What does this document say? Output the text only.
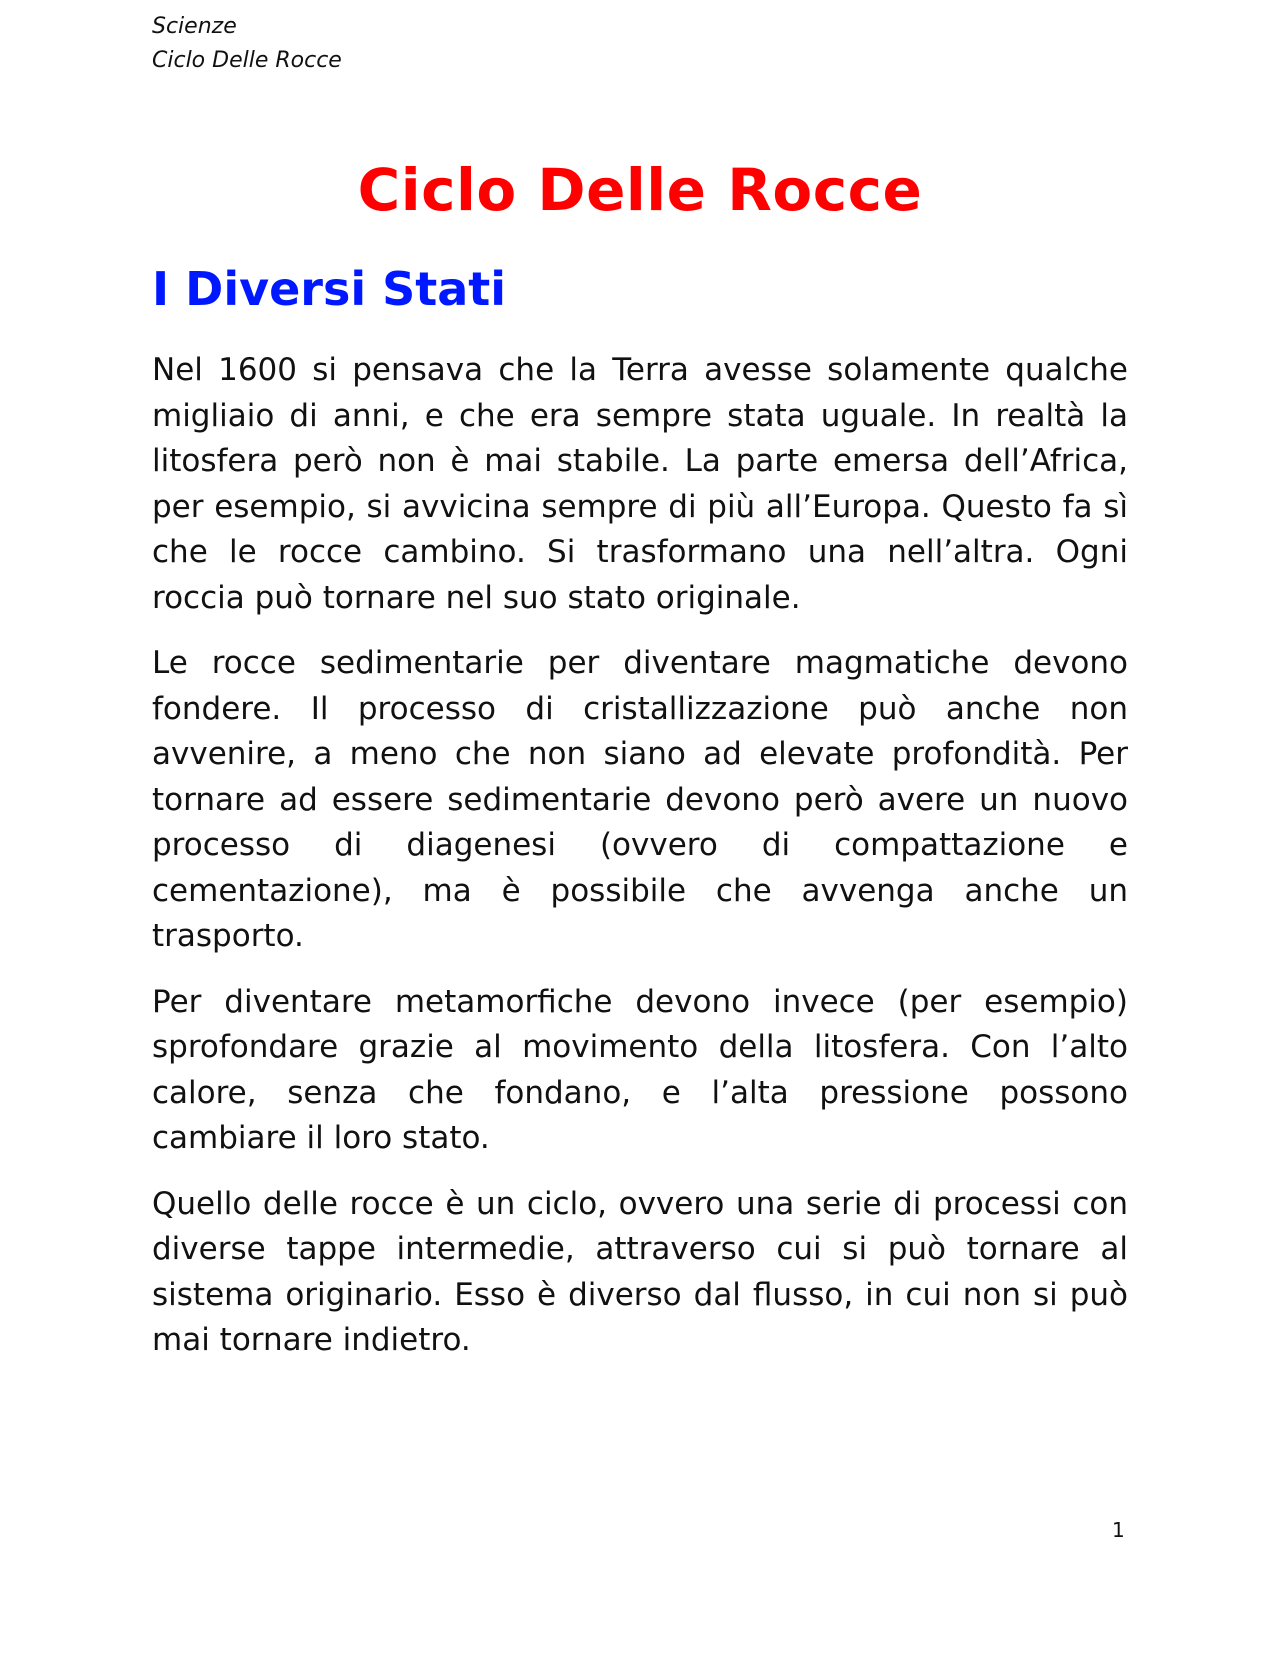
Scienze
Ciclo Delle Rocce
Ciclo Delle Rocce
I Diversi Stati

Nel 1600 si pensava che la Terra avesse solamente qualche migliaio di anni, e che era sempre stata uguale. In realtà la litosfera però non è mai stabile. La parte emersa dell’Africa, per esempio, si avvicina sempre di più all’Europa. Questo fa sì che le rocce cambino. Si trasformano una nell’altra. Ogni roccia può tornare nel suo stato originale.

Le rocce sedimentarie per diventare magmatiche devono fondere. Il processo di cristallizzazione può anche non avvenire, a meno che non siano ad elevate profondità. Per tornare ad essere sedimentarie devono però avere un nuovo processo di diagenesi (ovvero di compattazione e cementazione), ma è possibile che avvenga anche un trasporto.

Per diventare metamorfiche devono invece (per esempio) sprofondare grazie al movimento della litosfera. Con l’alto calore, senza che fondano, e l’alta pressione possono cambiare il loro stato.

Quello delle rocce è un ciclo, ovvero una serie di processi con diverse tappe intermedie, attraverso cui si può tornare al sistema originario. Esso è diverso dal flusso, in cui non si può mai tornare indietro.

1
